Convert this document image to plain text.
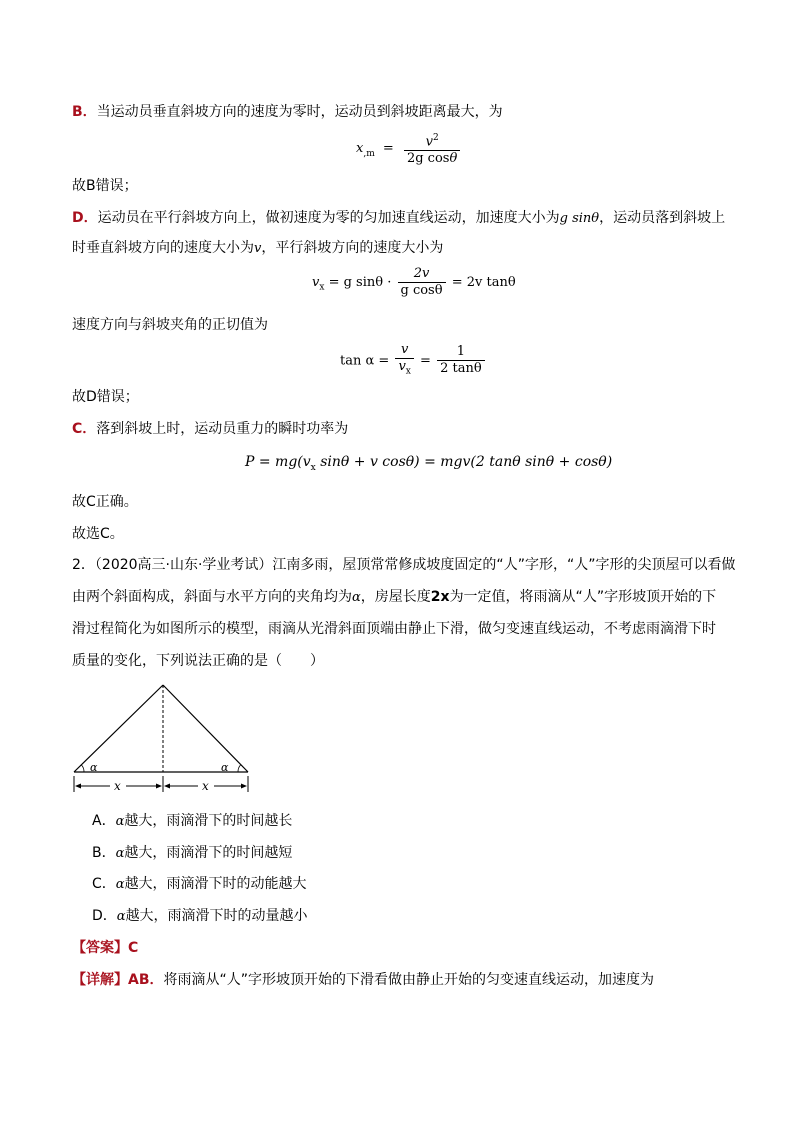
B．当运动员垂直斜坡方向的速度为零时，运动员到斜坡距离最大，为
$x_{,m} = \frac{v^2}{\text{2g cosθ}}$
故B错误；
D．运动员在平行斜坡方向上，做初速度为零的匀加速直线运动，加速度大小为g sinθ，运动员落到斜坡上
时垂直斜坡方向的速度大小为v，平行斜坡方向的速度大小为
$v_x = g$ $\sin\theta \cdot \frac{2v}{\text{g cosθ}} = 2v$ tanθ
速度方向与斜坡夹角的正切值为
$\tan \alpha = \frac{v}{v_x} = \frac{1}{2 \tan\theta}$
故D错误；
C．落到斜坡上时，运动员重力的瞬时功率为
$P = mg(v_x$ sinθ + v cosθ) = mgv(2 tanθ sinθ + cosθ)
故C正确。
故选C。
2．（2020高三·山东·学业考试）江南多雨，屋顶常常修成坡度固定的“人”字形，“人”字形的尖顶屋可以看做
由两个斜面构成，斜面与水平方向的夹角均为α，房屋长度2x为一定值，将雨滴从“人”字形坡顶开始的下
滑过程简化为如图所示的模型，雨滴从光滑斜面顶端由静止下滑，做匀变速直线运动，不考虑雨滴滑下时
质量的变化，下列说法正确的是（　　）
α	α
x	x
A．α越大，雨滴滑下的时间越长
B．α越大，雨滴滑下的时间越短
C．α越大，雨滴滑下时的动能越大
D．α越大，雨滴滑下时的动量越小
【答案】C
【详解】AB．将雨滴从“人”字形坡顶开始的下滑看做由静止开始的匀变速直线运动，加速度为
